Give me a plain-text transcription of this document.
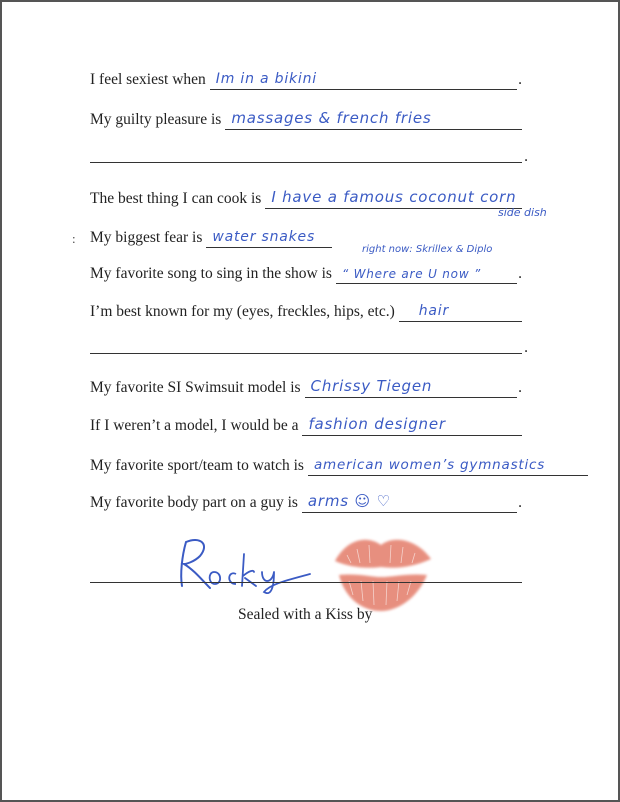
I feel sexiest when Im in a bikini	.
My guilty pleasure is massages & french fries
.
The best thing I can cook is I have a famous coconut corn
side dish
: My biggest fear is water snakes
right now: Skrillex & Diplo
My favorite song to sing in the show is “ Where are U now ” .
I’m best known for my (eyes, freckles, hips, etc.) hair
.
My favorite SI Swimsuit model is Chrissy Tiegen	.
If I weren’t a model, I would be a fashion designer
My favorite sport/team to watch is american women’s gymnastics
My favorite body part on a guy is arms ☺ ♡	.
Sealed with a Kiss by
